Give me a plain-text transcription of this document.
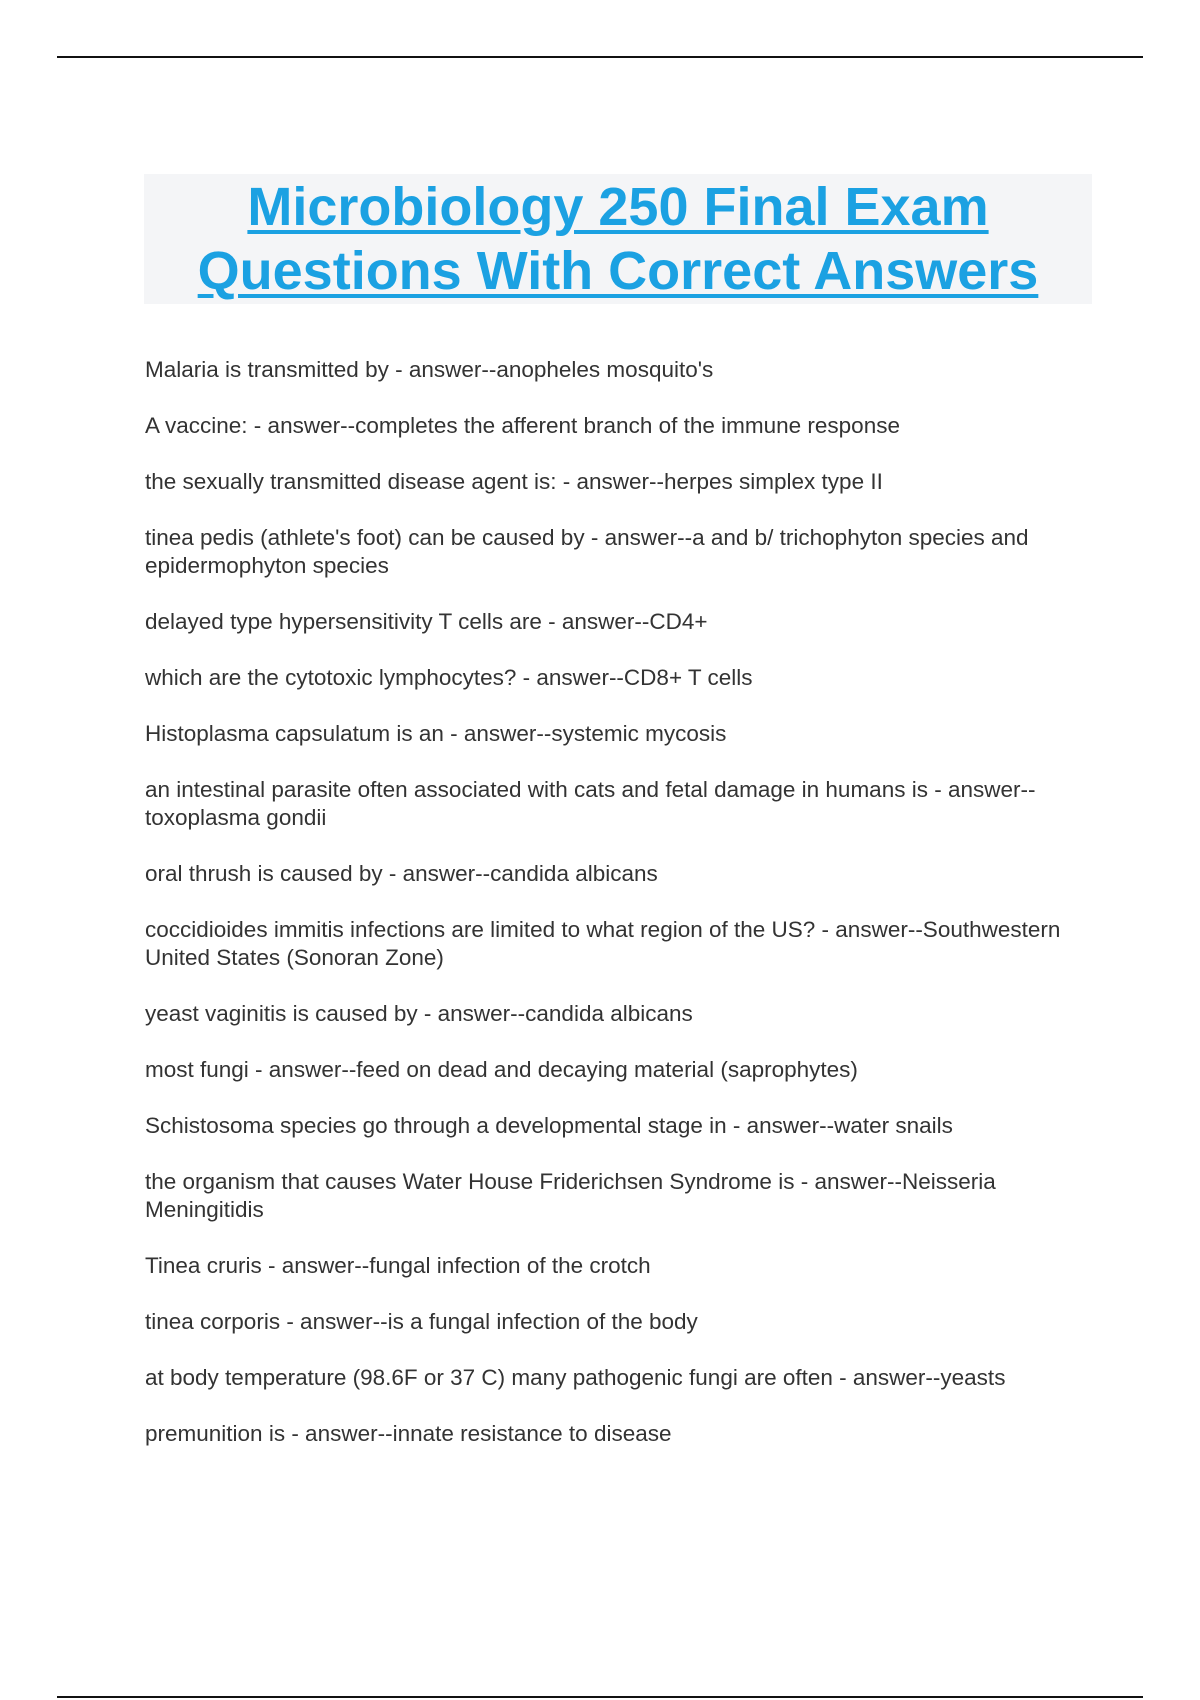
Microbiology 250 Final Exam
Questions With Correct Answers
Malaria is transmitted by - answer--anopheles mosquito's
A vaccine: - answer--completes the afferent branch of the immune response
the sexually transmitted disease agent is: - answer--herpes simplex type II
tinea pedis (athlete's foot) can be caused by - answer--a and b/ trichophyton species and epidermophyton species
delayed type hypersensitivity T cells are - answer--CD4+
which are the cytotoxic lymphocytes? - answer--CD8+ T cells
Histoplasma capsulatum is an - answer--systemic mycosis
an intestinal parasite often associated with cats and fetal damage in humans is - answer--toxoplasma gondii
oral thrush is caused by - answer--candida albicans
coccidioides immitis infections are limited to what region of the US? - answer--Southwestern United States (Sonoran Zone)
yeast vaginitis is caused by - answer--candida albicans
most fungi - answer--feed on dead and decaying material (saprophytes)
Schistosoma species go through a developmental stage in - answer--water snails
the organism that causes Water House Friderichsen Syndrome is - answer--Neisseria Meningitidis
Tinea cruris - answer--fungal infection of the crotch
tinea corporis - answer--is a fungal infection of the body
at body temperature (98.6F or 37 C) many pathogenic fungi are often - answer--yeasts
premunition is - answer--innate resistance to disease
